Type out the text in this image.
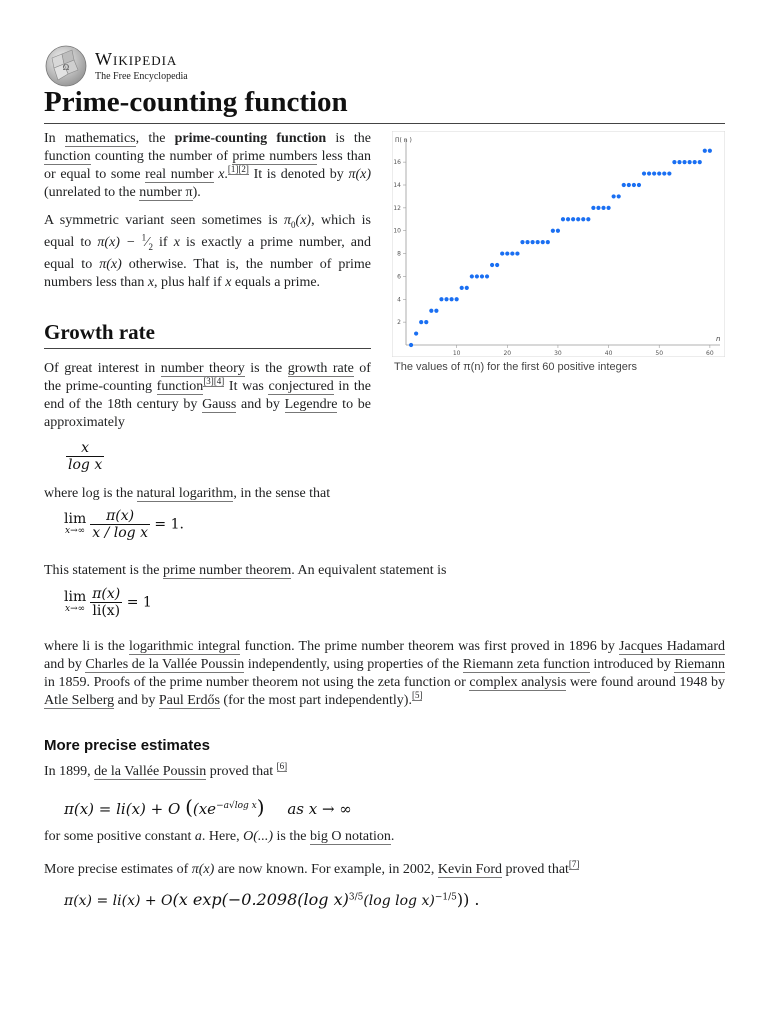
Ω Wikipedia
The Free Encyclopedia
Prime-counting function

In mathematics, the prime-counting function is the function counting the number of prime numbers less than or equal to some real number x.[1][2] It is denoted by π(x) (unrelated to the number π).

A symmetric variant seen sometimes is $\pi_0(x)$, which is equal to $\pi(x) - ^1⁄_2$ if x is exactly a prime number, and equal to π(x) otherwise. That is, the number of prime numbers less than x, plus half if x equals a prime.

Growth rate
Of great interest in number theory is the growth rate of the prime-counting function[3][4] It was conjectured in the end of the 18th century by Gauss and by Legendre to be approximately
$\frac{x}{\text{log x}}$
where log is the natural logarithm, in the sense that
lim
$x\to\infty \frac{\pi(x)}{\text{x / log x}} = 1$.
This statement is the prime number theorem. An equivalent statement is
lim
$x\to\infty \frac{\pi(x)}{li(x)} = 1$
where li is the logarithmic integral function. The prime number theorem was first proved in 1896 by Jacques Hadamard and by Charles de la Vallée Poussin independently, using properties of the Riemann zeta function introduced by Riemann in 1859. Proofs of the prime number theorem not using the zeta function or complex analysis were found around 1948 by Atle Selberg and by Paul Erdős (for the most part independently).[5]
More precise estimates
In 1899, de la Vallée Poussin proved that [6]
π(x) = li(x) + O ($(xe^{-a√log x})$ as x → ∞
for some positive constant a. Here, O(...) is the big O notation.
More precise estimates of π(x) are now known. For example, in 2002, Kevin Ford proved that[7]
π(x) = li(x) + O(x exp(−0.2098(log x)$^{3/5}$(log log x)$^{-1/5}$)) .
10	20	30	40	50	60
2
4
6
8
10
12
14
16
Π( n )
n
The values of π(n) for the first 60 positive integers
